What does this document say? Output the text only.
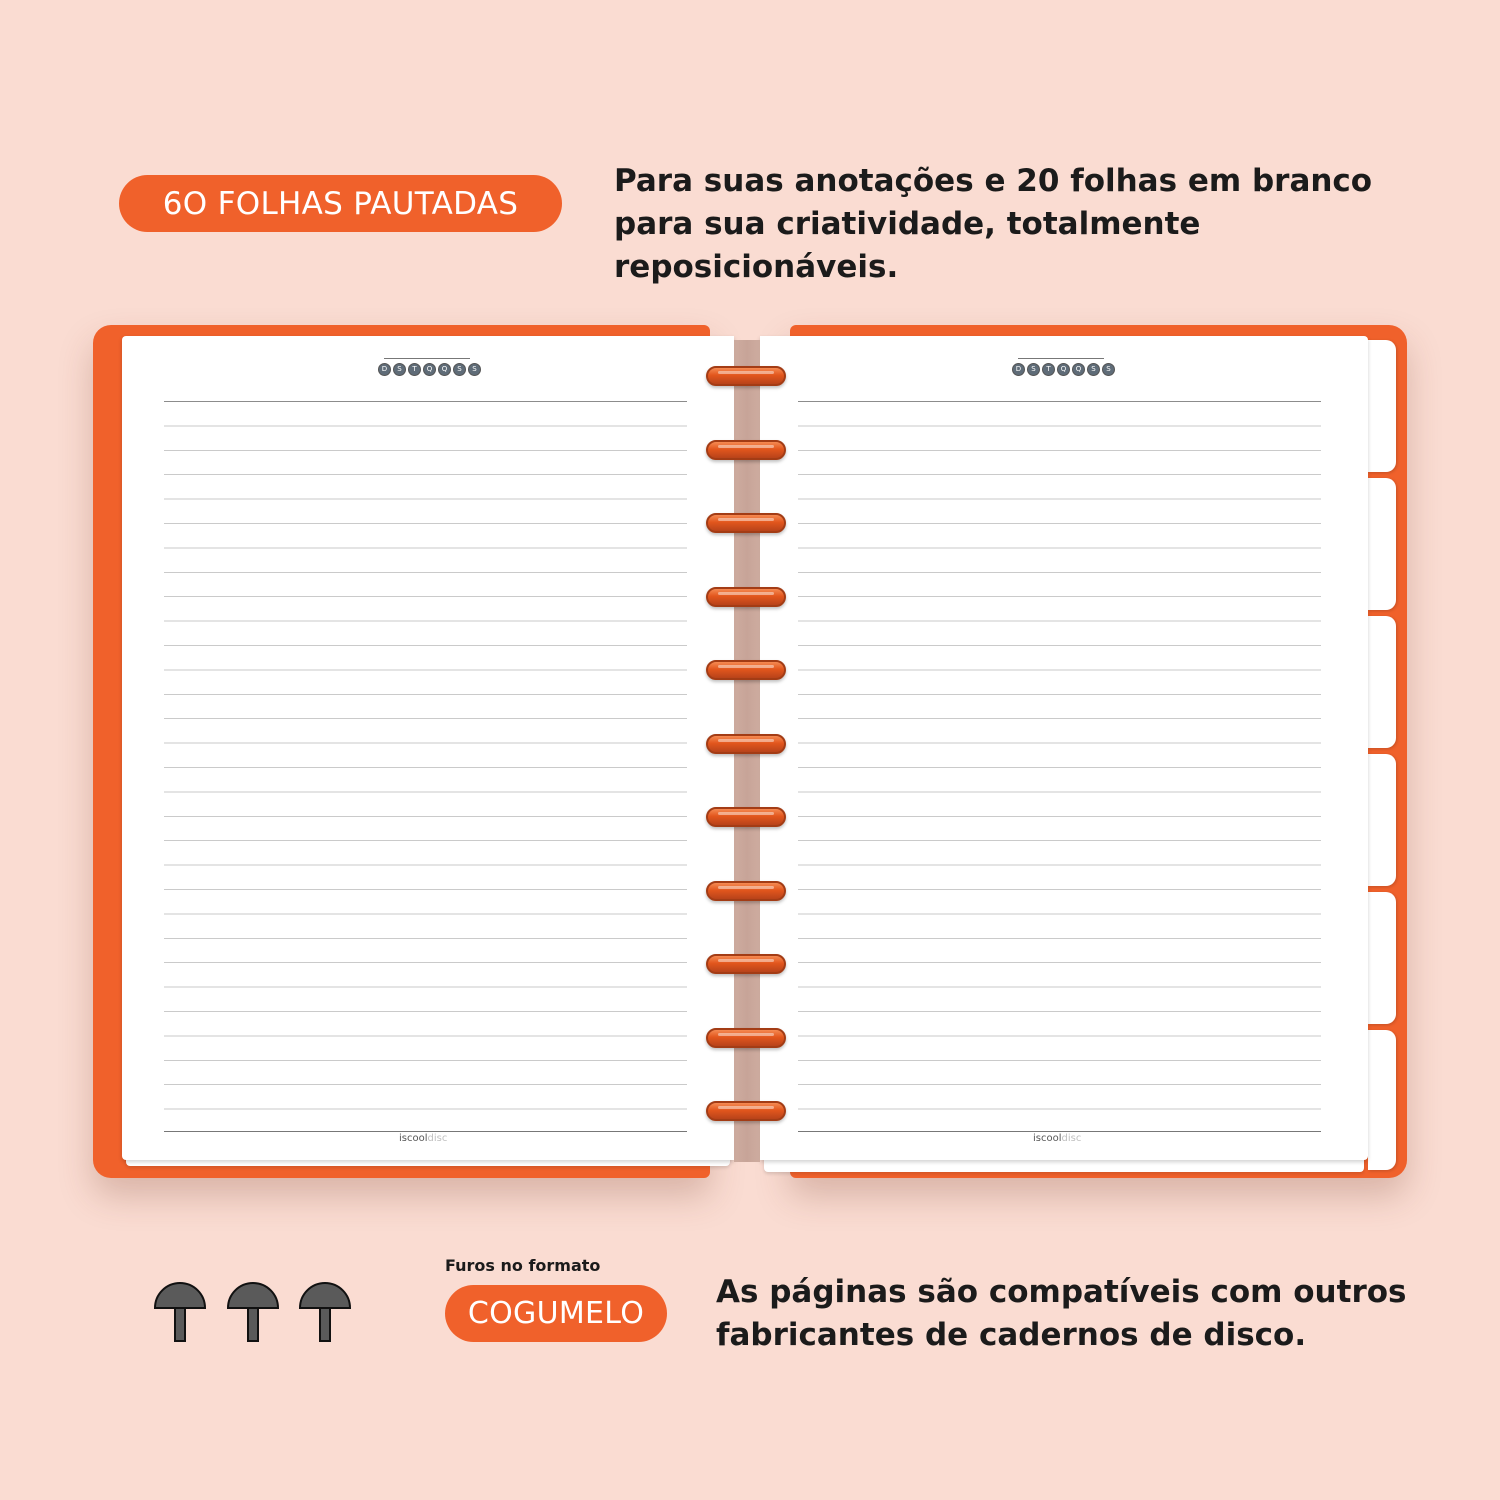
6O FOLHAS PAUTADAS
Para suas anotações e 20 folhas em branco para sua criatividade, totalmente reposicionáveis.
D	S	T	Q	Q	S	S
iscooldisc
D	S	T	Q	Q	S	S
iscooldisc
Furos no formato
COGUMELO
As páginas são compatíveis com outros fabricantes de cadernos de disco.
